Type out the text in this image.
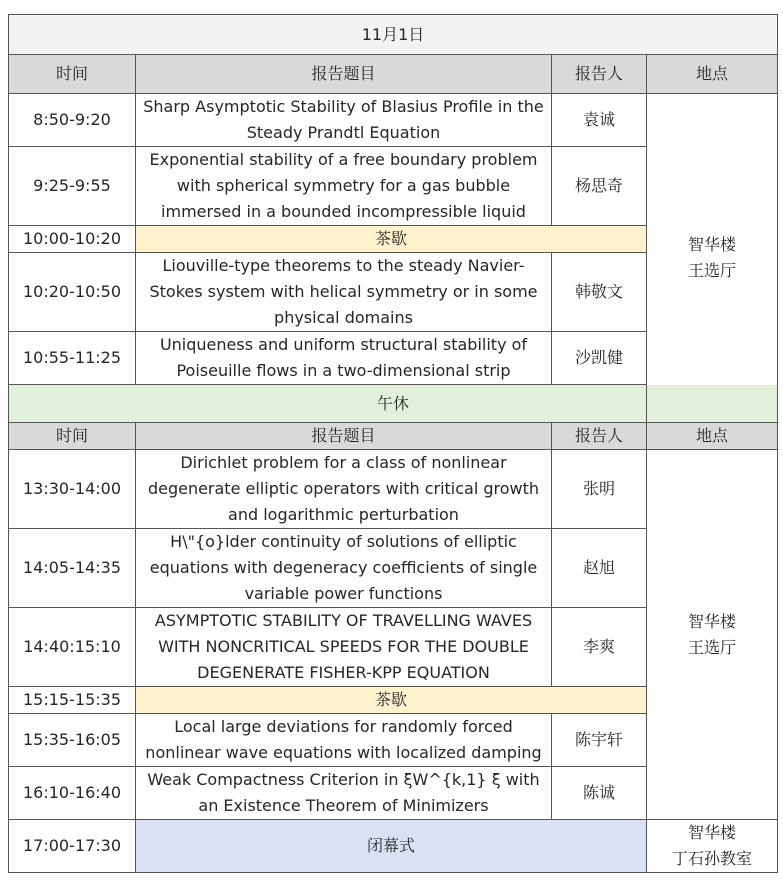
11月1日			
时间	报告题目	报告人	地点
8:50-9:20	Sharp Asymptotic Stability of Blasius Profile in the Steady Prandtl Equation	袁诚	智华楼
王选厅

9:25-9:55	Exponential stability of a free boundary problem with spherical symmetry for a gas bubble immersed in a bounded incompressible liquid	杨思奇	
10:00-10:20	茶歇		
10:20-10:50	Liouville-type theorems to the steady Navier-Stokes system with helical symmetry or in some physical domains	韩敬文	
10:55-11:25	Uniqueness and uniform structural stability of Poiseuille flows in a two-dimensional strip	沙凯健	
午休			
时间	报告题目	报告人	地点
13:30-14:00	Dirichlet problem for a class of nonlinear degenerate elliptic operators with critical growth and logarithmic perturbation	张明	智华楼
王选厅

14:05-14:35	H\"{o}lder continuity of solutions of elliptic equations with degeneracy coefficients of single variable power functions	赵旭	
14:40:15:10	ASYMPTOTIC STABILITY OF TRAVELLING WAVES WITH NONCRITICAL SPEEDS FOR THE DOUBLE DEGENERATE FISHER-KPP EQUATION	李爽	
15:15-15:35	茶歇		
15:35-16:05	Local large deviations for randomly forced nonlinear wave equations with localized damping	陈宇轩	
16:10-16:40	Weak Compactness Criterion in ξW^{k,1} ξ with an Existence Theorem of Minimizers	陈诚	
17:00-17:30	闭幕式		智华楼
丁石孙教室
